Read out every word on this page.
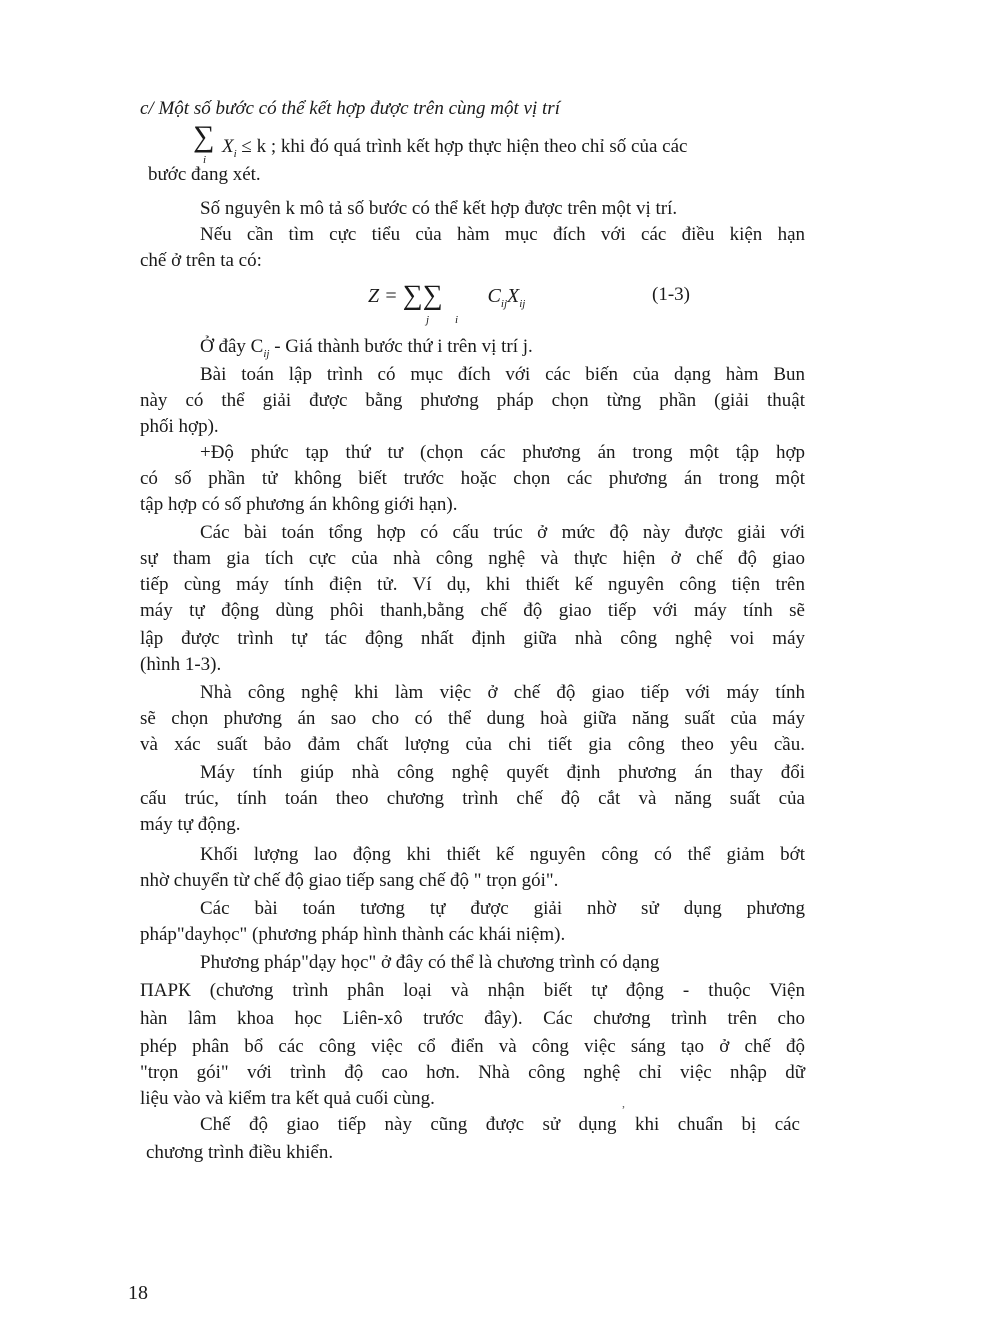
c/ Một số bước có thể kết hợp được trên cùng một vị trí
∑
i
$X_i \le k$ ; khi đó quá trình kết hợp thực hiện theo chỉ số của các
bước đang xét.
Số nguyên k mô tả số bước có thể kết hợp được trên một vị trí.
Nếu cần tìm cực tiểu của hàm mục đích với các điều kiện hạn
chế ở trên ta có:
Z = ∑∑ $C_{ij}X_{ij}$
j i
(1-3)
Ở đây $C_{ij}$ - Giá thành bước thứ i trên vị trí j.
Bài toán lập trình có mục đích với các biến của dạng hàm Bun
này có thể giải được bằng phương pháp chọn từng phần (giải thuật
phối hợp).
+Độ phức tạp thứ tư (chọn các phương án trong một tập hợp
có số phần tử không biết trước hoặc chọn các phương án trong một
tập hợp có số phương án không giới hạn).
Các bài toán tổng hợp có cấu trúc ở mức độ này được giải với
sự tham gia tích cực của nhà công nghệ và thực hiện ở chế độ giao
tiếp cùng máy tính điện tử. Ví dụ, khi thiết kế nguyên công tiện trên
máy tự động dùng phôi thanh,bằng chế độ giao tiếp với máy tính sẽ
lập được trình tự tác động nhất định giữa nhà công nghệ voi máy
(hình 1-3).
Nhà công nghệ khi làm việc ở chế độ giao tiếp với máy tính
sẽ chọn phương án sao cho có thể dung hoà giữa năng suất của máy
và xác suất bảo đảm chất lượng của chi tiết gia công theo yêu cầu.
Máy tính giúp nhà công nghệ quyết định phương án thay đổi
cấu trúc, tính toán theo chương trình chế độ cắt và năng suất của
máy tự động.
Khối lượng lao động khi thiết kế nguyên công có thể giảm bớt
nhờ chuyển từ chế độ giao tiếp sang chế độ " trọn gói".
Các bài toán tương tự được giải nhờ sử dụng phương
pháp"dayhọc" (phương pháp hình thành các khái niệm).
Phương pháp"dạy học" ở đây có thể là chương trình có dạng
ПАРК (chương trình phân loại và nhận biết tự động - thuộc Viện
hàn lâm khoa học Liên-xô trước đây). Các chương trình trên cho
phép phân bổ các công việc cổ điển và công việc sáng tạo ở chế độ
"trọn gói" với trình độ cao hơn. Nhà công nghệ chỉ việc nhập dữ
liệu vào và kiểm tra kết quả cuối cùng.
Chế độ giao tiếp này cũng được sử dụng khi chuẩn bị các
chương trình điều khiển.
,
18
